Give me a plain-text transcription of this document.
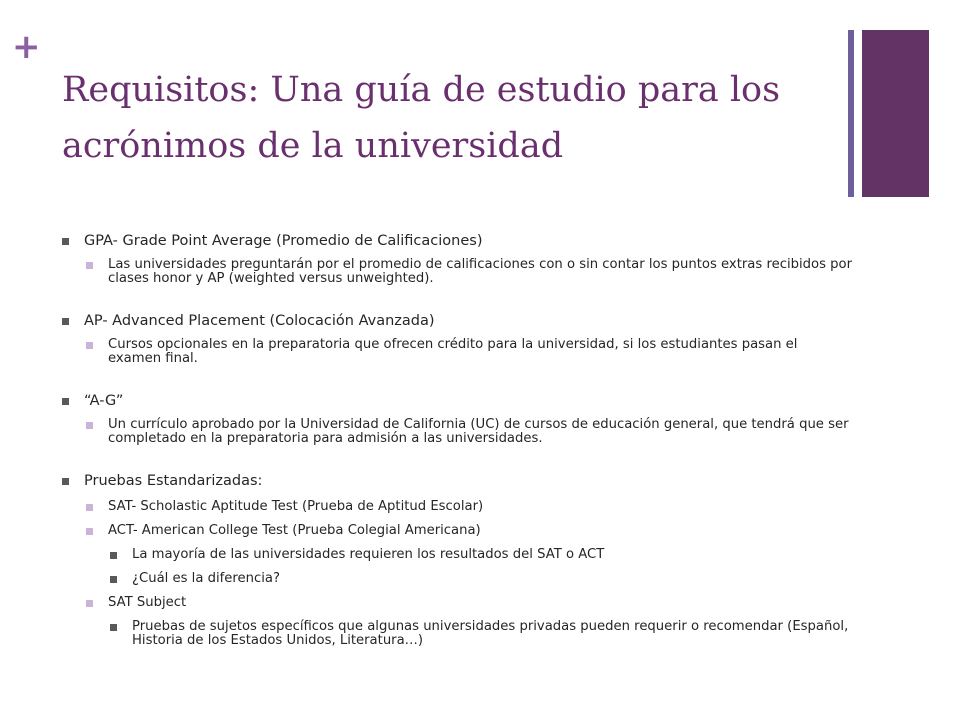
+
Requisitos: Una guía de estudio para los acrónimos de la universidad
GPA- Grade Point Average (Promedio de Calificaciones)
Las universidades preguntarán por el promedio de calificaciones con o sin contar los puntos extras recibidos por clases honor y AP (weighted versus unweighted).
AP- Advanced Placement (Colocación Avanzada)
Cursos opcionales en la preparatoria que ofrecen crédito para la universidad, si los estudiantes pasan el examen final.
“A-G”
Un currículo aprobado por la Universidad de California (UC) de cursos de educación general, que tendrá que ser completado en la preparatoria para admisión a las universidades.
Pruebas Estandarizadas:
SAT- Scholastic Aptitude Test (Prueba de Aptitud Escolar)
ACT- American College Test (Prueba Colegial Americana)
La mayoría de las universidades requieren los resultados del SAT o ACT
¿Cuál es la diferencia?
SAT Subject
Pruebas de sujetos específicos que algunas universidades privadas pueden requerir o recomendar (Español, Historia de los Estados Unidos, Literatura…)
